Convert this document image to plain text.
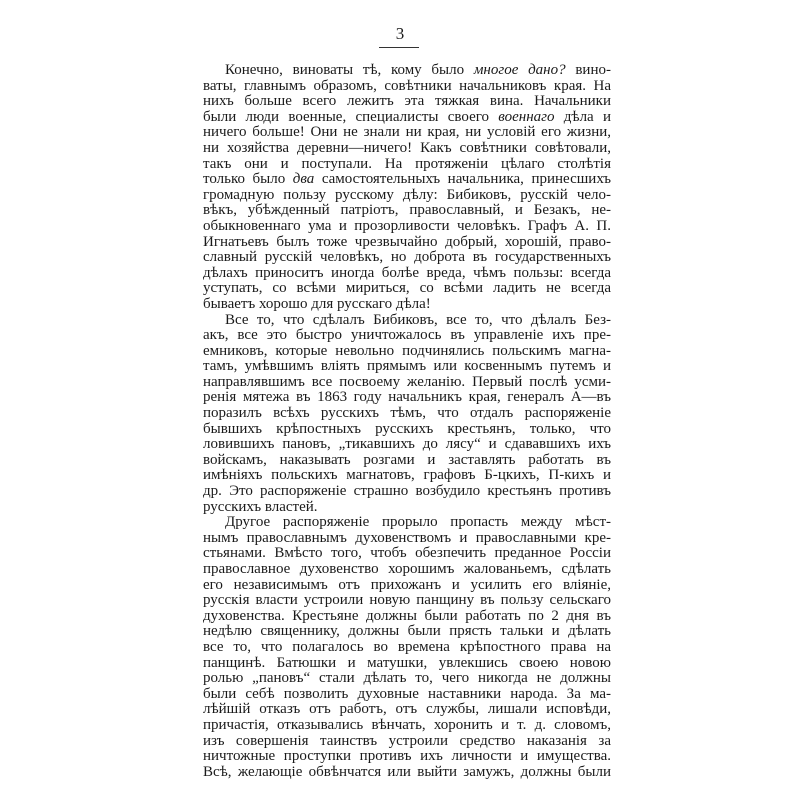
3
Конечно, виноваты тѣ, кому было многое дано? вино-
ваты, главнымъ образомъ, совѣтники начальниковъ края. На
нихъ больше всего лежитъ эта тяжкая вина. Начальники
были люди военные, специалисты своего военнаго дѣла и
ничего больше! Они не знали ни края, ни условій его жизни,
ни хозяйства деревни—ничего! Какъ совѣтники совѣтовали,
такъ они и поступали. На протяженіи цѣлаго столѣтія
только было два самостоятельныхъ начальника, принесшихъ
громадную пользу русскому дѣлу: Бибиковъ, русскій чело-
вѣкъ, убѣжденный патріотъ, православный, и Безакъ, не-
обыкновеннаго ума и прозорливости человѣкъ. Графъ А. П.
Игнатьевъ былъ тоже чрезвычайно добрый, хорошій, право-
славный русскій человѣкъ, но доброта въ государственныхъ
дѣлахъ приноситъ иногда болѣе вреда, чѣмъ пользы: всегда
уступать, со всѣми мириться, со всѣми ладить не всегда
бываетъ хорошо для русскаго дѣла!
Все то, что сдѣлалъ Бибиковъ, все то, что дѣлалъ Без-
акъ, все это быстро уничтожалось въ управленіе ихъ пре-
емниковъ, которые невольно подчинялись польскимъ магна-
тамъ, умѣвшимъ вліять прямымъ или косвеннымъ путемъ и
направлявшимъ все посвоему желанію. Первый послѣ усми-
ренія мятежа въ 1863 году начальникъ края, генералъ А—въ
поразилъ всѣхъ русскихъ тѣмъ, что отдалъ распоряженіе
бывшихъ крѣпостныхъ русскихъ крестьянъ, только, что
ловившихъ пановъ, „тикавшихъ до лясу“ и сдававшихъ ихъ
войскамъ, наказывать розгами и заставлять работать въ
имѣніяхъ польскихъ магнатовъ, графовъ Б-цкихъ, П-кихъ и
др. Это распоряженіе страшно возбудило крестьянъ противъ
русскихъ властей.
Другое распоряженіе прорыло пропасть между мѣст-
нымъ православнымъ духовенствомъ и православными кре-
стьянами. Вмѣсто того, чтобъ обезпечить преданное Россіи
православное духовенство хорошимъ жалованьемъ, сдѣлать
его независимымъ отъ прихожанъ и усилить его вліяніе,
русскія власти устроили новую панщину въ пользу сельскаго
духовенства. Крестьяне должны были работать по 2 дня въ
недѣлю священнику, должны были прясть тальки и дѣлать
все то, что полагалось во времена крѣпостного права на
панщинѣ. Батюшки и матушки, увлекшись своею новою
ролью „пановъ“ стали дѣлать то, чего никогда не должны
были себѣ позволить духовные наставники народа. За ма-
лѣйшій отказъ отъ работъ, отъ службы, лишали исповѣди,
причастія, отказывались вѣнчать, хоронить и т. д. словомъ,
изъ совершенія таинствъ устроили средство наказанія за
ничтожные проступки противъ ихъ личности и имущества.
Всѣ, желающіе обвѣнчатся или выйти замужъ, должны были
